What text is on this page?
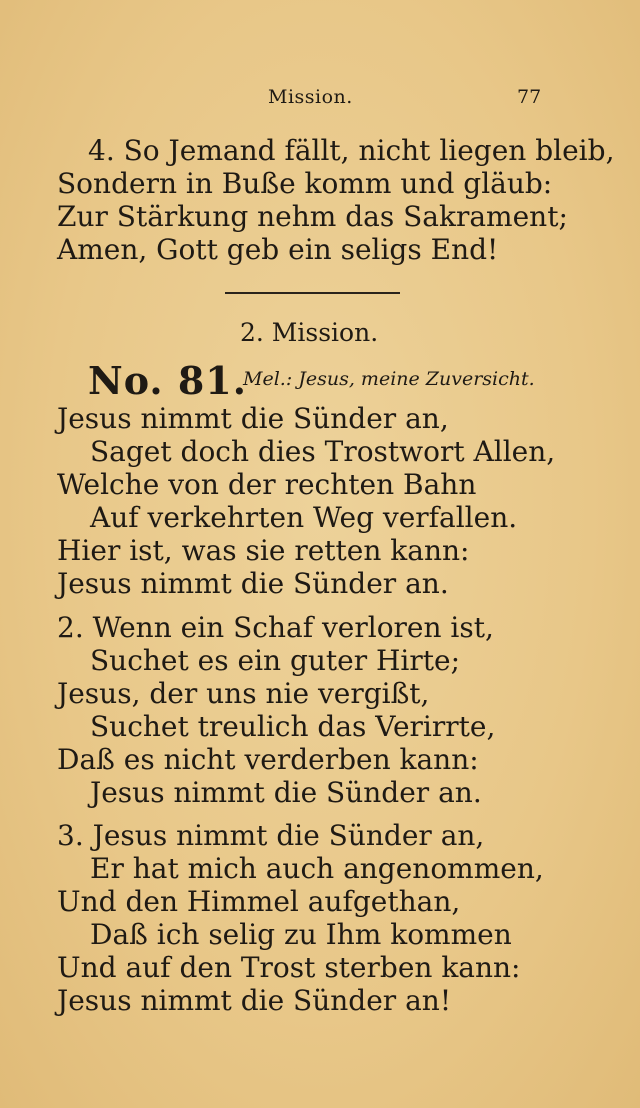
Mission.	77
4. So Jemand fällt, nicht liegen bleib,
Sondern in Buße komm und gläub:
Zur Stärkung nehm das Sakrament;
Amen, Gott geb ein seligs End!
2. Mission.
No. 81.
Mel.: Jesus, meine Zuversicht.
Jesus nimmt die Sünder an,
Saget doch dies Trostwort Allen,
Welche von der rechten Bahn
Auf verkehrten Weg verfallen.
Hier ist, was sie retten kann:
Jesus nimmt die Sünder an.
2. Wenn ein Schaf verloren ist,
Suchet es ein guter Hirte;
Jesus, der uns nie vergißt,
Suchet treulich das Verirrte,
Daß es nicht verderben kann:
Jesus nimmt die Sünder an.
3. Jesus nimmt die Sünder an,
Er hat mich auch angenommen,
Und den Himmel aufgethan,
Daß ich selig zu Ihm kommen
Und auf den Trost sterben kann:
Jesus nimmt die Sünder an!
